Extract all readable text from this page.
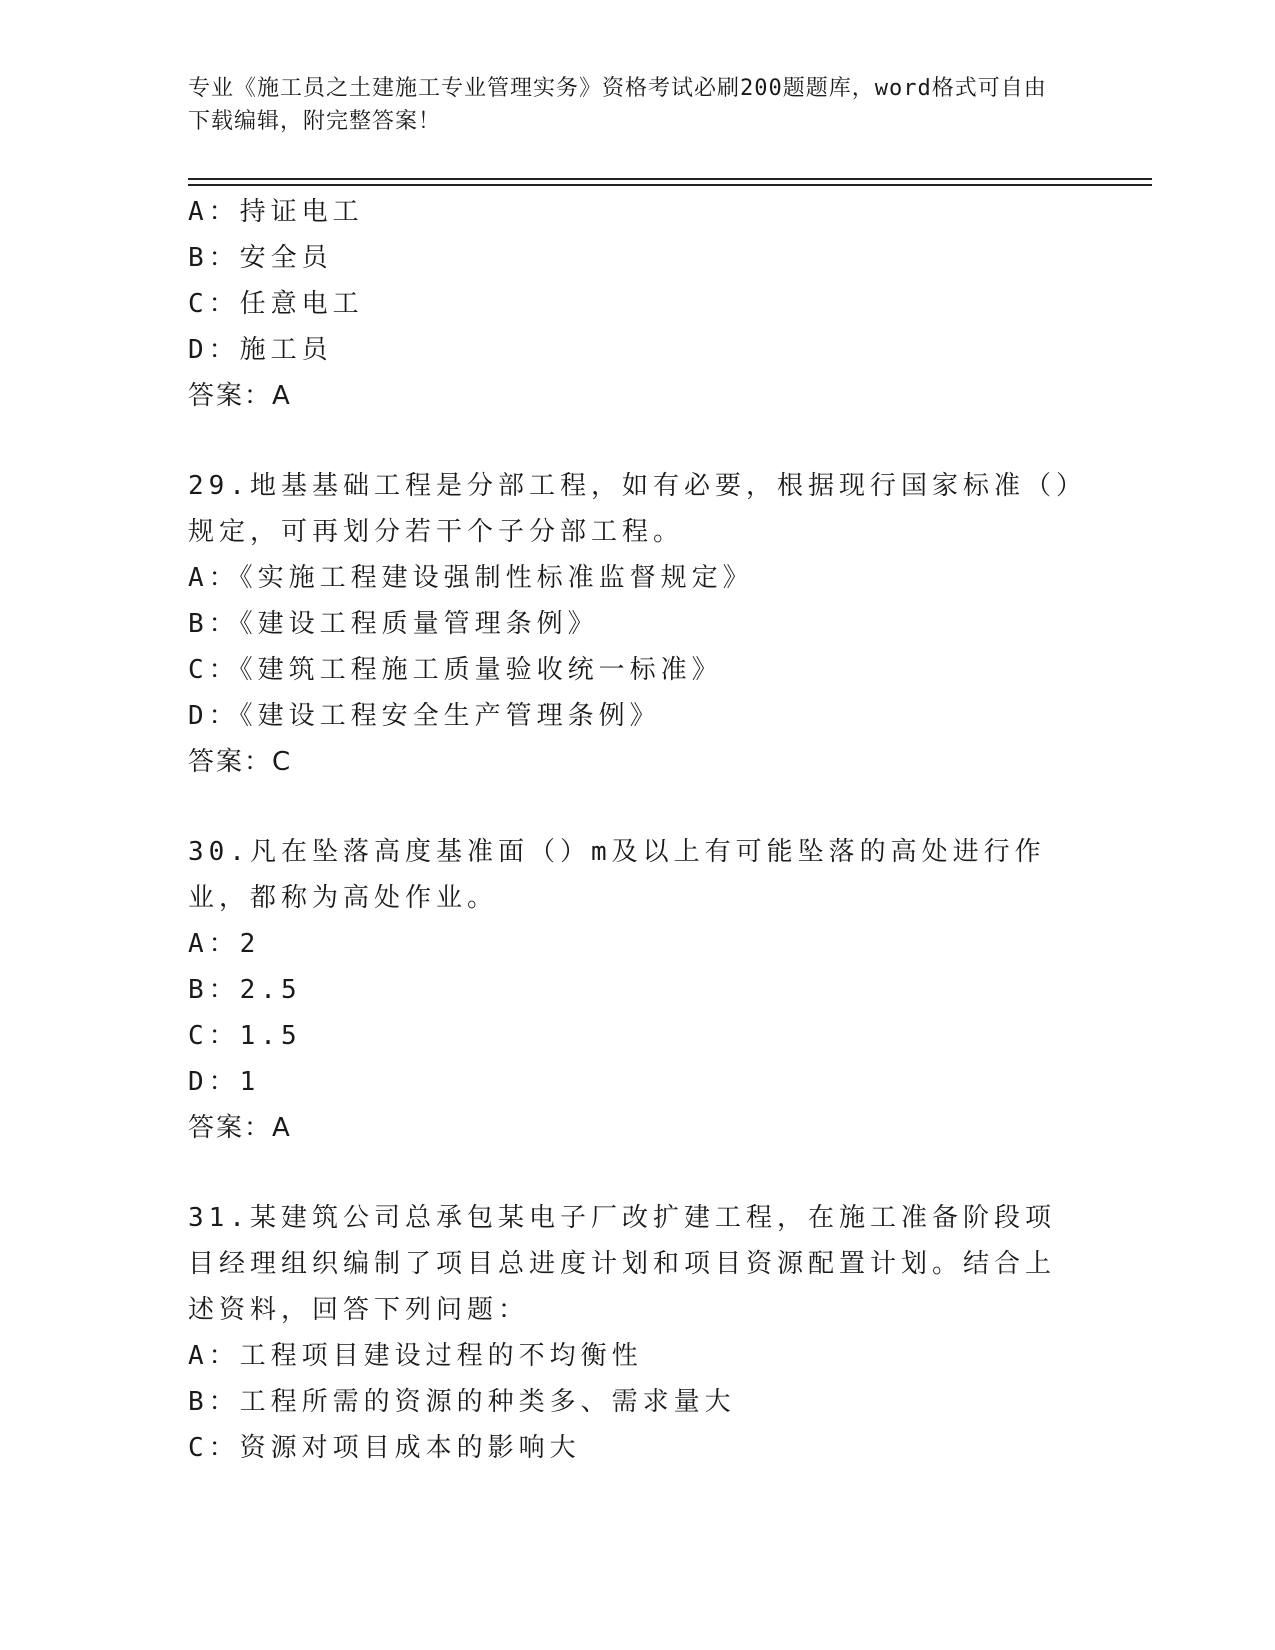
专业《施工员之土建施工专业管理实务》资格考试必刷200题题库，word格式可自由下载编辑，附完整答案！
A：持证电工
B：安全员
C：任意电工
D：施工员
答案：A
29.地基基础工程是分部工程，如有必要，根据现行国家标准（）规定，可再划分若干个子分部工程。
A：《实施工程建设强制性标准监督规定》
B：《建设工程质量管理条例》
C：《建筑工程施工质量验收统一标准》
D：《建设工程安全生产管理条例》
答案：C
30.凡在坠落高度基准面（）m及以上有可能坠落的高处进行作业，都称为高处作业。
A：2
B：2.5
C：1.5
D：1
答案：A
31.某建筑公司总承包某电子厂改扩建工程，在施工准备阶段项目经理组织编制了项目总进度计划和项目资源配置计划。结合上述资料，回答下列问题：
A：工程项目建设过程的不均衡性
B：工程所需的资源的种类多、需求量大
C：资源对项目成本的影响大
